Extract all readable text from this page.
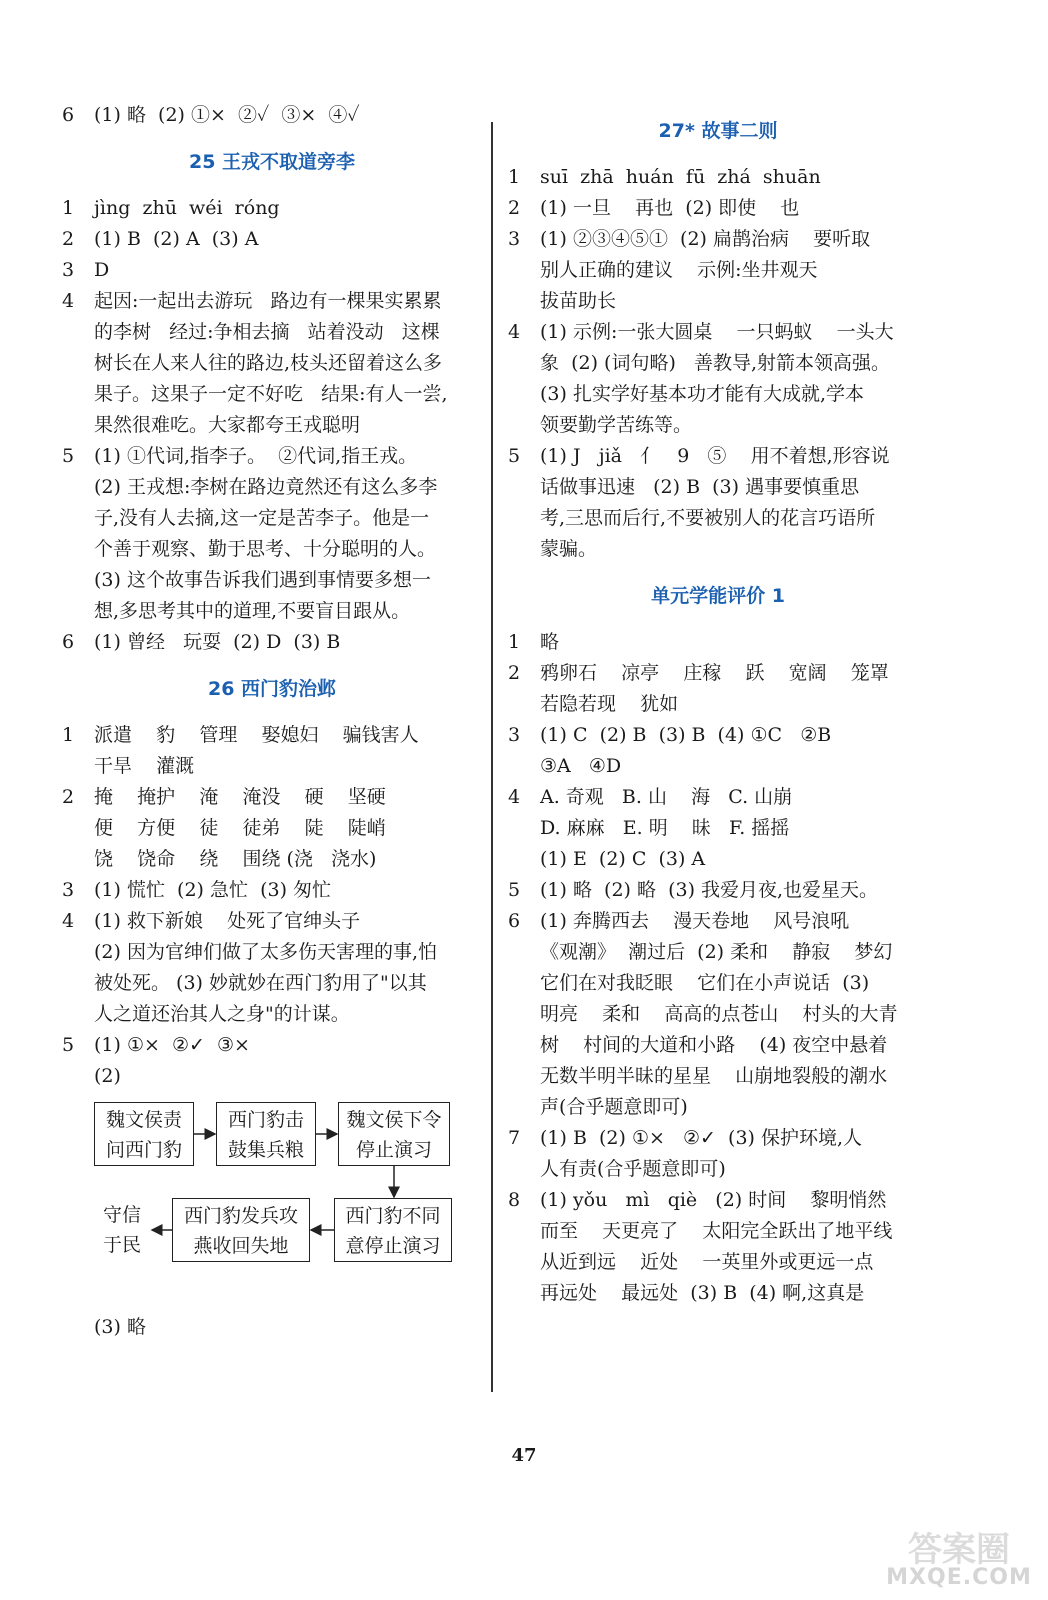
6	(1) 略  (2) ①×  ②✓  ③×  ④✓
25 王戎不取道旁李
1	jìng  zhū  wéi  róng
2	(1) B  (2) A  (3) A
3	D
4	起因:一起出去游玩   路边有一棵果实累累
的李树   经过:争相去摘   站着没动   这棵
树长在人来人往的路边,枝头还留着这么多
果子。这果子一定不好吃   结果:有人一尝,
果然很难吃。大家都夸王戎聪明
5	(1) ①代词,指李子。  ②代词,指王戎。
(2) 王戎想:李树在路边竟然还有这么多李
子,没有人去摘,这一定是苦李子。他是一
个善于观察、勤于思考、十分聪明的人。
(3) 这个故事告诉我们遇到事情要多想一
想,多思考其中的道理,不要盲目跟从。
6	(1) 曾经   玩耍  (2) D  (3) B
26 西门豹治邺
1	派遣    豹    管理    娶媳妇    骗钱害人
干旱    灌溉
2	掩    掩护    淹    淹没    硬    坚硬
便    方便    徒    徒弟    陡    陡峭
饶    饶命    绕    围绕 (浇   浇水)
3	(1) 慌忙  (2) 急忙  (3) 匆忙
4	(1) 救下新娘    处死了官绅头子
(2) 因为官绅们做了太多伤天害理的事,怕
被处死。 (3) 妙就妙在西门豹用了"以其
人之道还治其人之身"的计谋。
5	(1) ①×  ②✓  ③×
(2)
魏文侯责
问西门豹
西门豹击
鼓集兵粮
魏文侯下令
停止演习
西门豹不同
意停止演习
西门豹发兵攻
燕收回失地
守信
于民
(3) 略
27* 故事二则
1	suī  zhā  huán  fū  zhá  shuān
2	(1) 一旦    再也  (2) 即使    也
3	(1) ②③④⑤①  (2) 扁鹊治病    要听取
别人正确的建议    示例:坐井观天
拔苗助长
4	(1) 示例:一张大圆桌    一只蚂蚁    一头大
象  (2) (词句略)   善教导,射箭本领高强。
(3) 扎实学好基本功才能有大成就,学本
领要勤学苦练等。
5	(1) J   jiǎ   亻   9   ⑤    用不着想,形容说
话做事迅速   (2) B  (3) 遇事要慎重思
考,三思而后行,不要被别人的花言巧语所
蒙骗。
单元学能评价 1
1	略
2	鸦卵石    凉亭    庄稼    跃    宽阔    笼罩
若隐若现    犹如
3	(1) C  (2) B  (3) B  (4) ①C   ②B
③A   ④D
4	A. 奇观   B. 山    海   C. 山崩
D. 麻麻   E. 明    昧   F. 摇摇
(1) E  (2) C  (3) A
5	(1) 略  (2) 略  (3) 我爱月夜,也爱星天。
6	(1) 奔腾西去    漫天卷地    风号浪吼
《观潮》  潮过后  (2) 柔和    静寂    梦幻
它们在对我眨眼    它们在小声说话  (3)
明亮    柔和    高高的点苍山    村头的大青
树    村间的大道和小路    (4) 夜空中悬着
无数半明半昧的星星    山崩地裂般的潮水
声(合乎题意即可)
7	(1) B  (2) ①×   ②✓  (3) 保护环境,人
人有责(合乎题意即可)
8	(1) yǒu   mì   qiè   (2) 时间    黎明悄然
而至    天更亮了    太阳完全跃出了地平线
从近到远    近处    一英里外或更远一点
再远处    最远处  (3) B  (4) 啊,这真是
47
答案圈
MXQE.COM
